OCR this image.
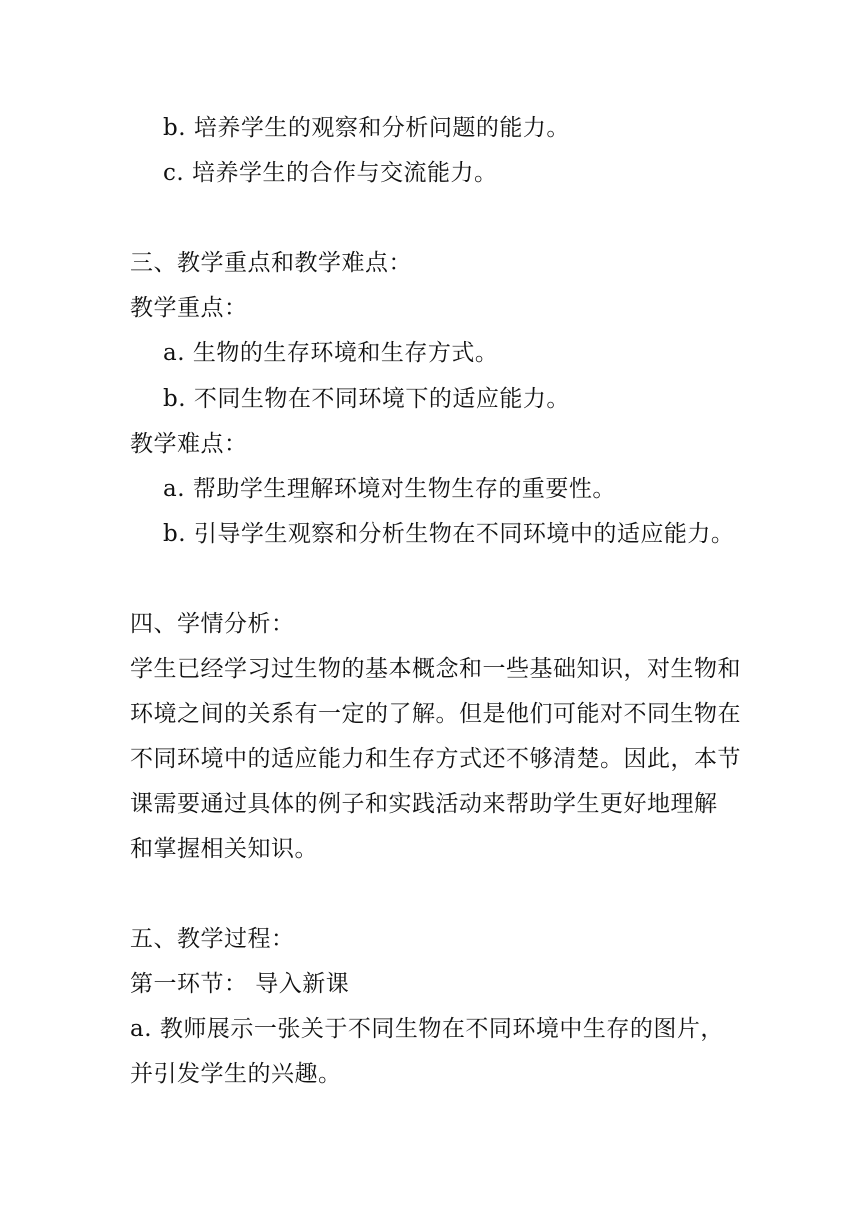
b. 培养学生的观察和分析问题的能力。
c. 培养学生的合作与交流能力。
三、教学重点和教学难点：
教学重点：
a. 生物的生存环境和生存方式。
b. 不同生物在不同环境下的适应能力。
教学难点：
a. 帮助学生理解环境对生物生存的重要性。
b. 引导学生观察和分析生物在不同环境中的适应能力。
四、学情分析：
学生已经学习过生物的基本概念和一些基础知识，对生物和
环境之间的关系有一定的了解。但是他们可能对不同生物在
不同环境中的适应能力和生存方式还不够清楚。因此，本节
课需要通过具体的例子和实践活动来帮助学生更好地理解
和掌握相关知识。
五、教学过程：
第一环节： 导入新课
a. 教师展示一张关于不同生物在不同环境中生存的图片，
并引发学生的兴趣。
